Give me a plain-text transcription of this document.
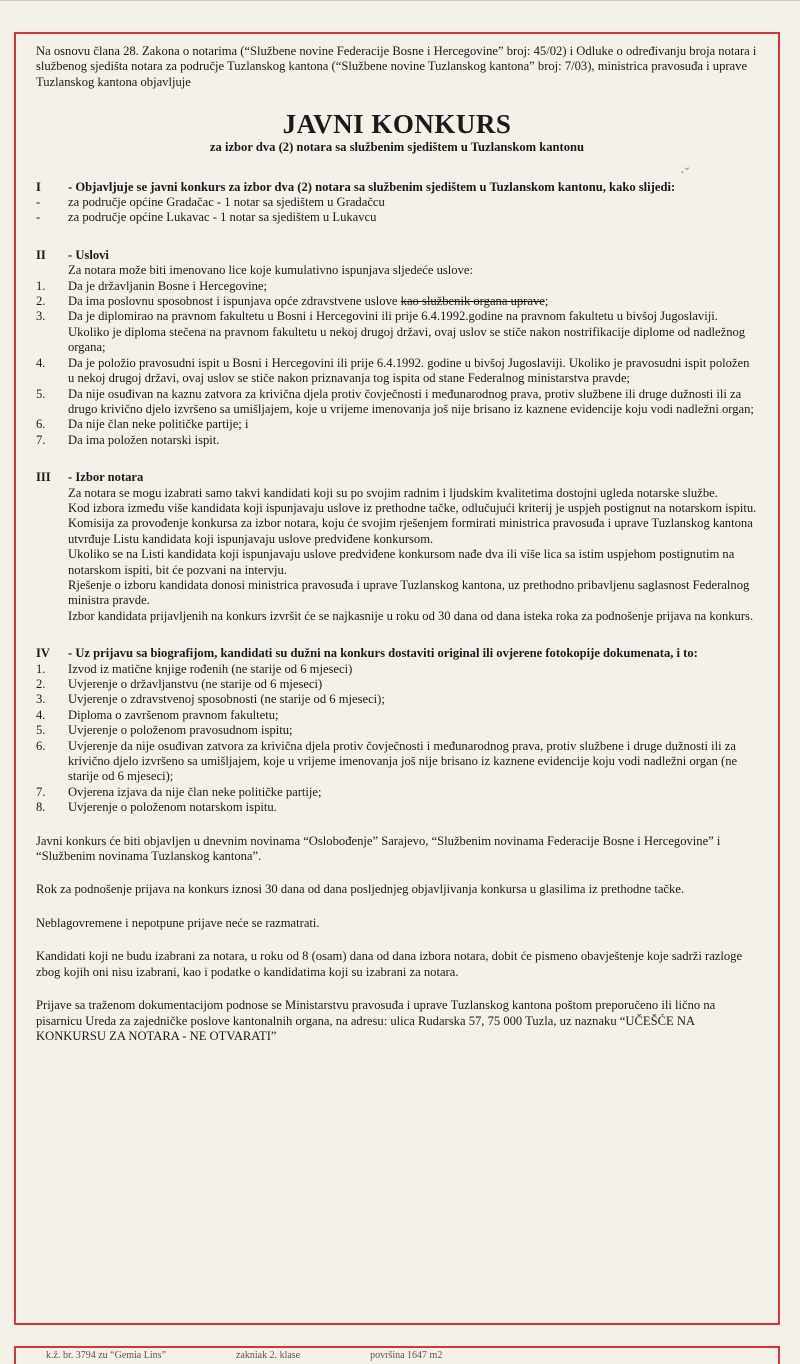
Na osnovu člana 28. Zakona o notarima (“Službene novine Federacije Bosne i Hercegovine” broj: 45/02) i Odluke o određivanju broja notara i službenog sjedišta notara za područje Tuzlanskog kantona (“Službene novine Tuzlanskog kantona” broj: 7/03), ministrica pravosuđa i uprave Tuzlanskog kantona objavljuje
JAVNI KONKURS
za izbor dva (2) notara sa službenim sjedištem u Tuzlanskom kantonu
I	- Objavljuje se javni konkurs za izbor dva (2) notara sa službenim sjedištem u Tuzlanskom kantonu, kako slijedi:
-	za područje općine Gradačac - 1 notar sa sjedištem u Gradačcu
-	za područje općine Lukavac - 1 notar sa sjedištem u Lukavcu
II	- Uslovi
Za notara može biti imenovano lice koje kumulativno ispunjava sljedeće uslove:
1.	Da je državljanin Bosne i Hercegovine;
2.	Da ima poslovnu sposobnost i ispunjava opće zdravstvene uslove kao službenik organa uprave;
3.	Da je diplomirao na pravnom fakultetu u Bosni i Hercegovini ili prije 6.4.1992.godine na pravnom fakultetu u bivšoj Jugoslaviji. Ukoliko je diploma stečena na pravnom fakultetu u nekoj drugoj državi, ovaj uslov se stiče nakon nostrifikacije diplome od nadležnog organa;
4.	Da je položio pravosudni ispit u Bosni i Hercegovini ili prije 6.4.1992. godine u bivšoj Jugoslaviji. Ukoliko je pravosudni ispit položen u nekoj drugoj državi, ovaj uslov se stiče nakon priznavanja tog ispita od stane Federalnog ministarstva pravde;
5.	Da nije osuđivan na kaznu zatvora za krivična djela protiv čovječnosti i međunarodnog prava, protiv službene ili druge dužnosti ili za drugo krivično djelo izvršeno sa umišljajem, koje u vrijeme imenovanja još nije brisano iz kaznene evidencije koju vodi nadležni organ;
6.	Da nije član neke političke partije; i
7.	Da ima položen notarski ispit.
III	- Izbor notara
Za notara se mogu izabrati samo takvi kandidati koji su po svojim radnim i ljudskim kvalitetima dostojni ugleda notarske službe.
Kod izbora između više kandidata koji ispunjavaju uslove iz prethodne tačke, odlučujući kriterij je uspjeh postignut na notarskom ispitu.
Komisija za provođenje konkursa za izbor notara, koju će svojim rješenjem formirati ministrica pravosuđa i uprave Tuzlanskog kantona utvrđuje Listu kandidata koji ispunjavaju uslove predviđene konkursom.
Ukoliko se na Listi kandidata koji ispunjavaju uslove predviđene konkursom nađe dva ili više lica sa istim uspjehom postignutim na notarskom ispiti, bit će pozvani na intervju.
Rješenje o izboru kandidata donosi ministrica pravosuđa i uprave Tuzlanskog kantona, uz prethodno pribavljenu saglasnost Federalnog ministra pravde.
Izbor kandidata prijavljenih na konkurs izvršit će se najkasnije u roku od 30 dana od dana isteka roka za podnošenje prijava na konkurs.
IV	- Uz prijavu sa biografijom, kandidati su dužni na konkurs dostaviti original ili ovjerene fotokopije dokumenata, i to:
1.	Izvod iz matične knjige rođenih (ne starije od 6 mjeseci)
2.	Uvjerenje o državljanstvu (ne starije od 6 mjeseci)
3.	Uvjerenje o zdravstvenoj sposobnosti (ne starije od 6 mjeseci);
4.	Diploma o završenom pravnom fakultetu;
5.	Uvjerenje o položenom pravosudnom ispitu;
6.	Uvjerenje da nije osuđivan zatvora za krivična djela protiv čovječnosti i međunarodnog prava, protiv službene i druge dužnosti ili za krivično djelo izvršeno sa umišljajem, koje u vrijeme imenovanja još nije brisano iz kaznene evidencije koju vodi nadležni organ (ne starije od 6 mjeseci);
7.	Ovjerena izjava da nije član neke političke partije;
8.	Uvjerenje o položenom notarskom ispitu.
Javni konkurs će biti objavljen u dnevnim novinama “Oslobođenje” Sarajevo, “Službenim novinama Federacije Bosne i Hercegovine” i “Službenim novinama Tuzlanskog kantona”.
Rok za podnošenje prijava na konkurs iznosi 30 dana od dana posljednjeg objavljivanja konkursa u glasilima iz prethodne tačke.
Neblagovremene i nepotpune prijave neće se razmatrati.
Kandidati koji ne budu izabrani za notara, u roku od 8 (osam) dana od dana izbora notara, dobit će pismeno obavještenje koje sadrži razloge zbog kojih oni nisu izabrani, kao i podatke o kandidatima koji su izabrani za notara.
Prijave sa traženom dokumentacijom podnose se Ministarstvu pravosuđa i uprave Tuzlanskog kantona poštom preporučeno ili lično na pisarnicu Ureda za zajedničke poslove kantonalnih organa, na adresu: ulica Rudarska 57, 75 000 Tuzla, uz naznaku “UČEŠĆE NA KONKURSU ZA NOTARA - NE OTVARATI”
·ˇ
k.ž. br. 3794 zu “Gemia Lins”	zakniak 2. klase	površina 1647 m2
